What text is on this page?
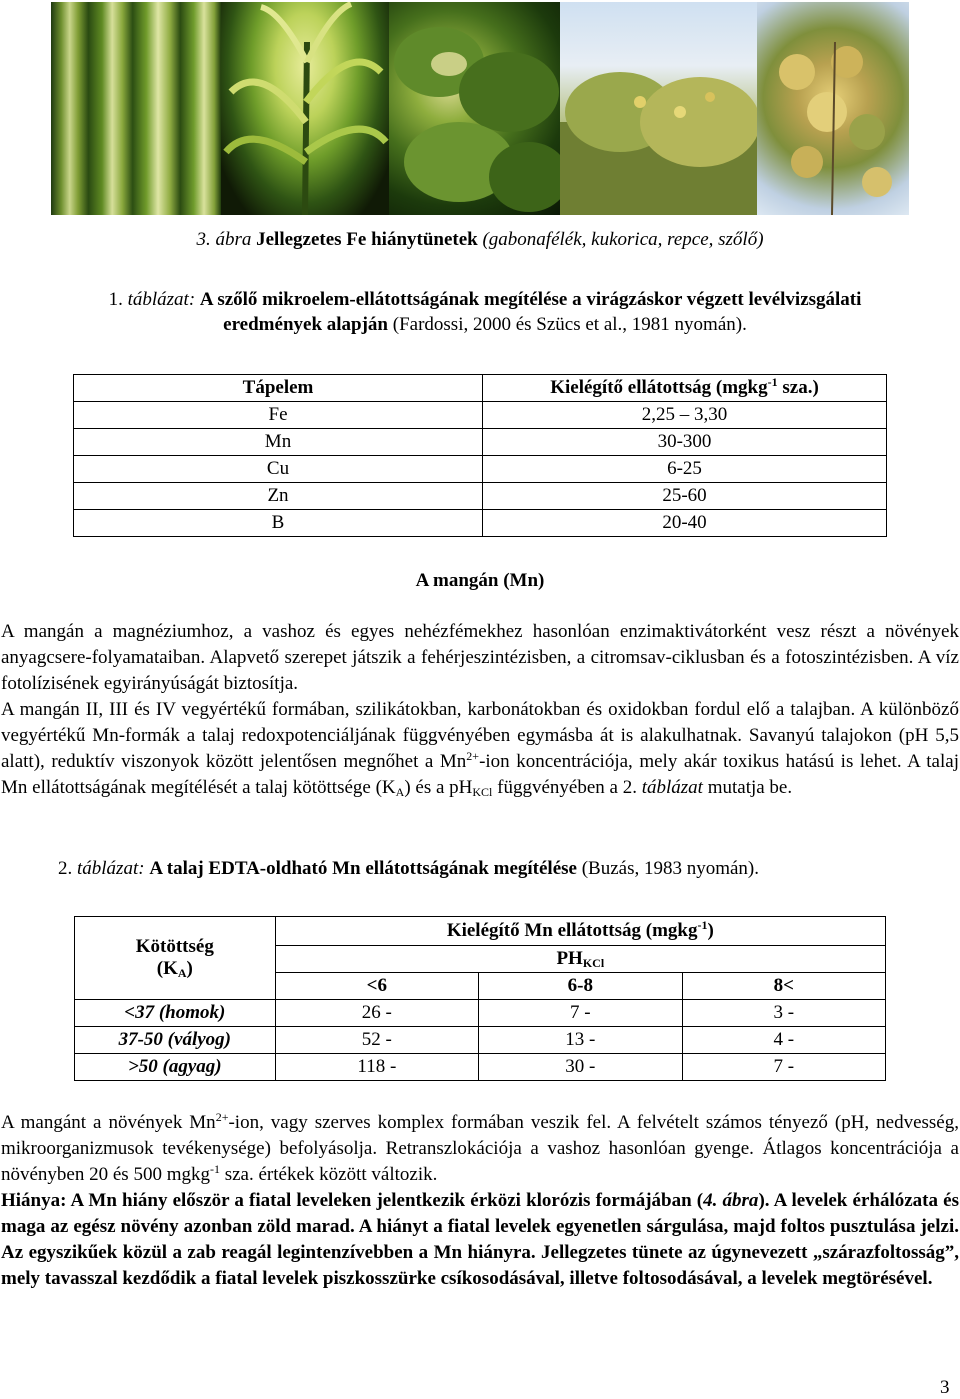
3. ábra Jellegzetes Fe hiánytünetek (gabonafélék, kukorica, repce, szőlő)
1. táblázat: A szőlő mikroelem-ellátottságának megítélése a virágzáskor végzett levélvizsgálati
eredmények alapján (Fardossi, 2000 és Szücs et al., 1981 nyomán).
Tápelem	Kielégítő ellátottság (mgkg$^{-1}$ sza.)
Fe	2,25 – 3,30
Mn	30-300
Cu	6-25
Zn	25-60
B	20-40
A mangán (Mn)
A mangán a magnéziumhoz, a vashoz és egyes nehézfémekhez hasonlóan enzimaktivátorként vesz részt a növények anyagcsere-folyamataiban. Alapvető szerepet játszik a fehérjeszintézisben, a citromsav-ciklusban és a fotoszintézisben. A víz fotolízisének egyirányúságát biztosítja.
A mangán II, III és IV vegyértékű formában, szilikátokban, karbonátokban és oxidokban fordul elő a talajban. A különböző vegyértékű Mn-formák a talaj redoxpotenciáljának függvényében egymásba át is alakulhatnak. Savanyú talajokon (pH 5,5 alatt), reduktív viszonyok között jelentősen megnőhet a $Mn^{2+}$-ion koncentrációja, mely akár toxikus hatású is lehet. A talaj Mn ellátottságának megítélését a talaj kötöttsége $(K_A)$ és a $pH_{KCl}$ függvényében a 2. táblázat mutatja be.
2. táblázat: A talaj EDTA-oldható Mn ellátottságának megítélése (Buzás, 1983 nyomán).
Kötöttség
$(K_A)$	Kielégítő Mn ellátottság (mgkg$^{-1}$)		
	$PH_{KCl}$
	<6	6-8	8<
<37 (homok)	26 -	7 -	3 -
37-50 (vályog)	52 -	13 -	4 -
>50 (agyag)	118 -	30 -	7 -
A mangánt a növények $Mn^{2+}$-ion, vagy szerves komplex formában veszik fel. A felvételt számos tényező (pH, nedvesség, mikroorganizmusok tevékenysége) befolyásolja. Retranszlokációja a vashoz hasonlóan gyenge. Átlagos koncentrációja a növényben 20 és 500 mgkg$^{-1}$ sza. értékek között változik.
Hiánya: A Mn hiány először a fiatal leveleken jelentkezik érközi klorózis formájában (4. ábra). A levelek érhálózata és maga az egész növény azonban zöld marad. A hiányt a fiatal levelek egyenetlen sárgulása, majd foltos pusztulása jelzi. Az egyszikűek közül a zab reagál legintenzívebben a Mn hiányra. Jellegzetes tünete az úgynevezett „szárazfoltosság”, mely tavasszal kezdődik a fiatal levelek piszkosszürke csíkosodásával, illetve foltosodásával, a levelek megtörésével.
3
